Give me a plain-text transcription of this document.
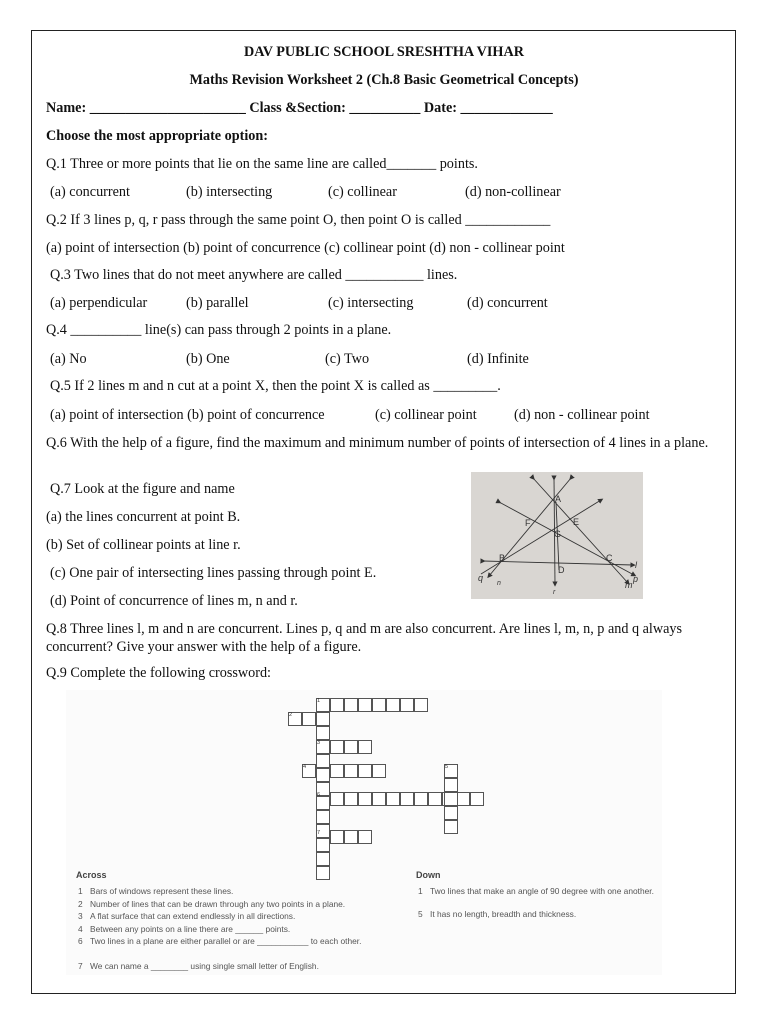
DAV PUBLIC SCHOOL SRESHTHA VIHAR
Maths Revision Worksheet 2 (Ch.8 Basic Geometrical Concepts)
Name: ______________________ Class &Section: __________ Date: _____________
Choose the most appropriate option:
Q.1 Three or more points that lie on the same line are called_______ points.
(a) concurrent	(b) intersecting	(c) collinear	(d) non-collinear
Q.2 If 3 lines p, q, r pass through the same point O, then point O is called ____________
(a) point of intersection (b) point of concurrence (c) collinear point (d) non - collinear point
Q.3 Two lines that do not meet anywhere are called ___________ lines.
(a) perpendicular	(b) parallel	(c) intersecting	(d) concurrent
Q.4 __________ line(s) can pass through 2 points in a plane.
(a) No	(b) One	(c) Two	(d) Infinite
Q.5 If 2 lines m and n cut at a point X, then the point X is called as _________.
(a) point of intersection (b) point of concurrence	(c) collinear point	(d) non - collinear point
Q.6 With the help of a figure, find the maximum and minimum number of points of intersection of 4 lines in a plane.
Q.7 Look at the figure and name
(a) the lines concurrent at point B.
(b) Set of collinear points at line r.
(c) One pair of intersecting lines passing through point E.
(d) Point of concurrence of lines m, n and r.
A
F	E
G
B	C
D	l
m
n	p
q
r
Q.8 Three lines l, m and n are concurrent. Lines p, q and m are also concurrent. Are lines l, m, n, p and q always concurrent? Give your answer with the help of a figure.
Q.9 Complete the following crossword:
1
2
3
4	5
6
7
Across
1 Bars of windows represent these lines.
2 Number of lines that can be drawn through any two points in a plane.
3 A flat surface that can extend endlessly in all directions.
4 Between any points on a line there are ______ points.
6 Two lines in a plane are either parallel or are ___________ to each other.
7 We can name a ________ using single small letter of English.
Down
1 Two lines that make an angle of 90 degree with one another.
5 It has no length, breadth and thickness.
